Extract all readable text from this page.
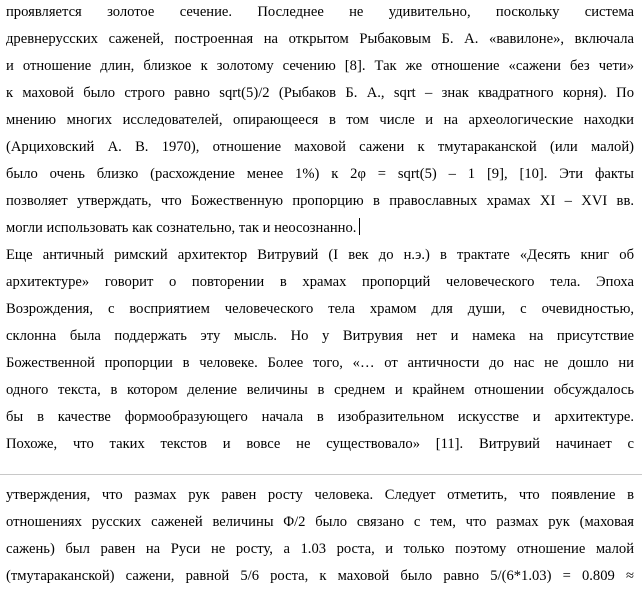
проявляется золотое сечение. Последнее не удивительно, поскольку система
древнерусских саженей, построенная на открытом Рыбаковым Б. А. «вавилоне», включала
и отношение длин, близкое к золотому сечению [8]. Так же отношение «сажени без чети»
к маховой было строго равно sqrt(5)/2 (Рыбаков Б. А., sqrt – знак квадратного корня). По
мнению многих исследователей, опирающееся в том числе и на археологические находки
(Арциховский А. В. 1970), отношение маховой сажени к тмутараканской (или малой)
было очень близко (расхождение менее 1%) к 2φ = sqrt(5) – 1 [9], [10]. Эти факты
позволяет утверждать, что Божественную пропорцию в православных храмах XI – XVI вв.
могли использовать как сознательно, так и неосознанно.
Еще античный римский архитектор Витрувий (I век до н.э.) в трактате «Десять книг об
архитектуре» говорит о повторении в храмах пропорций человеческого тела. Эпоха
Возрождения, с восприятием человеческого тела храмом для души, с очевидностью,
склонна была поддержать эту мысль. Но у Витрувия нет и намека на присутствие
Божественной пропорции в человеке. Более того, «… от античности до нас не дошло ни
одного текста, в котором деление величины в среднем и крайнем отношении обсуждалось
бы в качестве формообразующего начала в изобразительном искусстве и архитектуре.
Похоже, что таких текстов и вовсе не существовало» [11]. Витрувий начинает с
утверждения, что размах рук равен росту человека. Следует отметить, что появление в
отношениях русских саженей величины Φ/2 было связано с тем, что размах рук (маховая
сажень) был равен на Руси не росту, а 1.03 роста, и только поэтому отношение малой
(тмутараканской) сажени, равной 5/6 роста, к маховой было равно 5/(6*1.03) = 0.809 ≈
